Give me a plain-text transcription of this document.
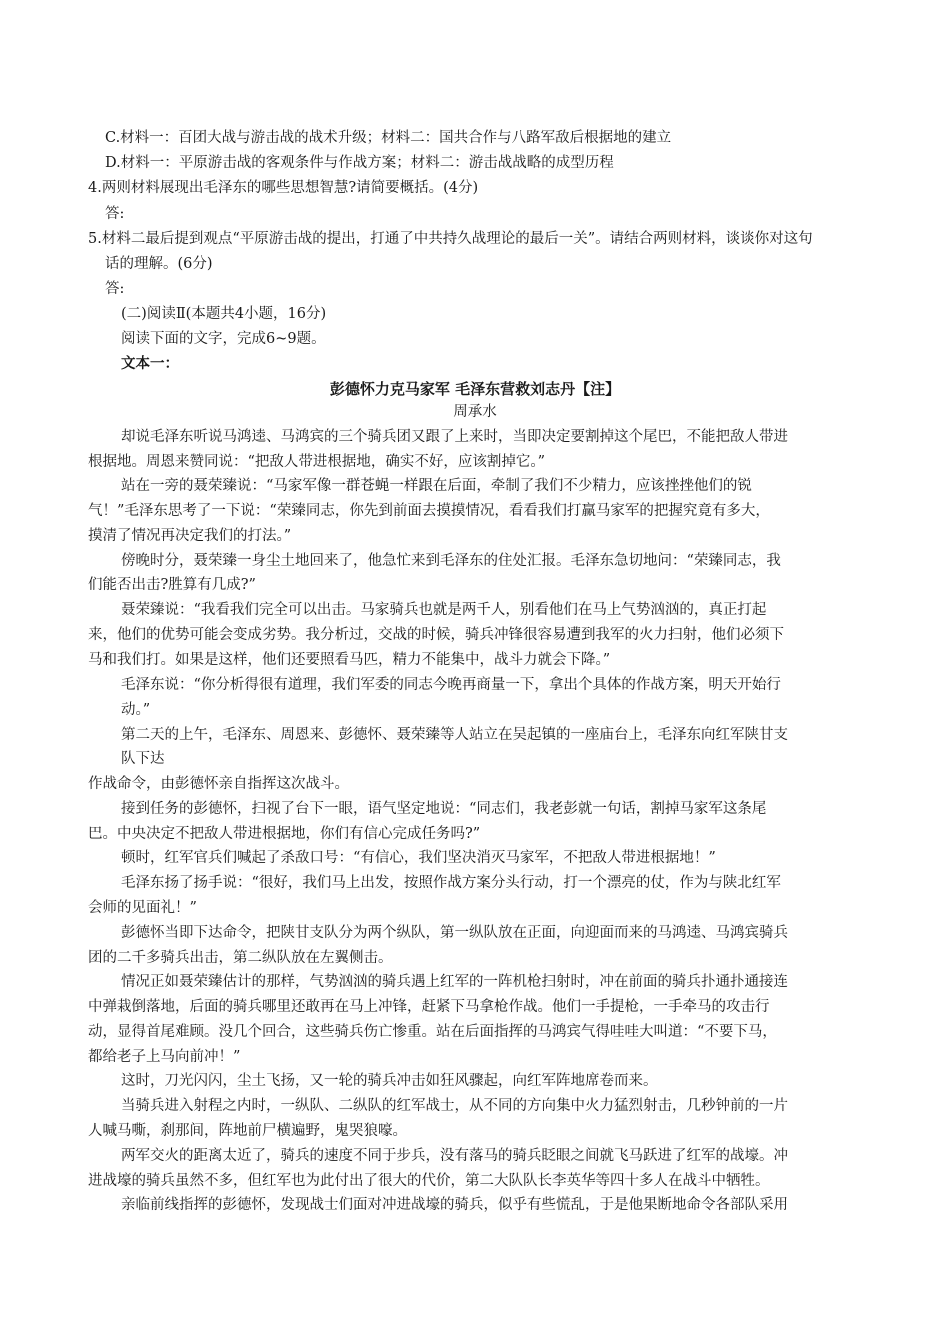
C.材料一：百团大战与游击战的战术升级；材料二：国共合作与八路军敌后根据地的建立
D.材料一：平原游击战的客观条件与作战方案；材料二：游击战战略的成型历程
4.两则材料展现出毛泽东的哪些思想智慧?请简要概括。(4分)
答:
5.材料二最后提到观点“平原游击战的提出，打通了中共持久战理论的最后一关”。请结合两则材料，谈谈你对这句
话的理解。(6分)
答:
(二)阅读Ⅱ(本题共4小题，16分)
阅读下面的文字，完成6~9题。
文本一：
彭德怀力克马家军 毛泽东营救刘志丹【注】
周承水
却说毛泽东听说马鸿逵、马鸿宾的三个骑兵团又跟了上来时，当即决定要割掉这个尾巴，不能把敌人带进
根据地。周恩来赞同说：“把敌人带进根据地，确实不好，应该割掉它。”
站在一旁的聂荣臻说：“马家军像一群苍蝇一样跟在后面，牵制了我们不少精力，应该挫挫他们的锐
气！”毛泽东思考了一下说：“荣臻同志，你先到前面去摸摸情况，看看我们打赢马家军的把握究竟有多大，
摸清了情况再决定我们的打法。”
傍晚时分，聂荣臻一身尘土地回来了，他急忙来到毛泽东的住处汇报。毛泽东急切地问：“荣臻同志，我
们能否出击?胜算有几成?”
聂荣臻说：“我看我们完全可以出击。马家骑兵也就是两千人，别看他们在马上气势汹汹的，真正打起
来，他们的优势可能会变成劣势。我分析过，交战的时候，骑兵冲锋很容易遭到我军的火力扫射，他们必须下
马和我们打。如果是这样，他们还要照看马匹，精力不能集中，战斗力就会下降。”
毛泽东说：“你分析得很有道理，我们军委的同志今晚再商量一下，拿出个具体的作战方案，明天开始行
动。”
第二天的上午，毛泽东、周恩来、彭德怀、聂荣臻等人站立在吴起镇的一座庙台上，毛泽东向红军陕甘支
队下达
作战命令，由彭德怀亲自指挥这次战斗。
接到任务的彭德怀，扫视了台下一眼，语气坚定地说：“同志们，我老彭就一句话，割掉马家军这条尾
巴。中央决定不把敌人带进根据地，你们有信心完成任务吗?”
顿时，红军官兵们喊起了杀敌口号：“有信心，我们坚决消灭马家军，不把敌人带进根据地！”
毛泽东扬了扬手说：“很好，我们马上出发，按照作战方案分头行动，打一个漂亮的仗，作为与陕北红军
会师的见面礼！”
彭德怀当即下达命令，把陕甘支队分为两个纵队，第一纵队放在正面，向迎面而来的马鸿逵、马鸿宾骑兵
团的二千多骑兵出击，第二纵队放在左翼侧击。
情况正如聂荣臻估计的那样，气势汹汹的骑兵遇上红军的一阵机枪扫射时，冲在前面的骑兵扑通扑通接连
中弹栽倒落地，后面的骑兵哪里还敢再在马上冲锋，赶紧下马拿枪作战。他们一手提枪，一手牵马的攻击行
动，显得首尾难顾。没几个回合，这些骑兵伤亡惨重。站在后面指挥的马鸿宾气得哇哇大叫道：“不要下马，
都给老子上马向前冲！”
这时，刀光闪闪，尘土飞扬，又一轮的骑兵冲击如狂风骤起，向红军阵地席卷而来。
当骑兵进入射程之内时，一纵队、二纵队的红军战士，从不同的方向集中火力猛烈射击，几秒钟前的一片
人喊马嘶，刹那间，阵地前尸横遍野，鬼哭狼嚎。
两军交火的距离太近了，骑兵的速度不同于步兵，没有落马的骑兵眨眼之间就飞马跃进了红军的战壕。冲
进战壕的骑兵虽然不多，但红军也为此付出了很大的代价，第二大队队长李英华等四十多人在战斗中牺牲。
亲临前线指挥的彭德怀，发现战士们面对冲进战壕的骑兵，似乎有些慌乱，于是他果断地命令各部队采用
